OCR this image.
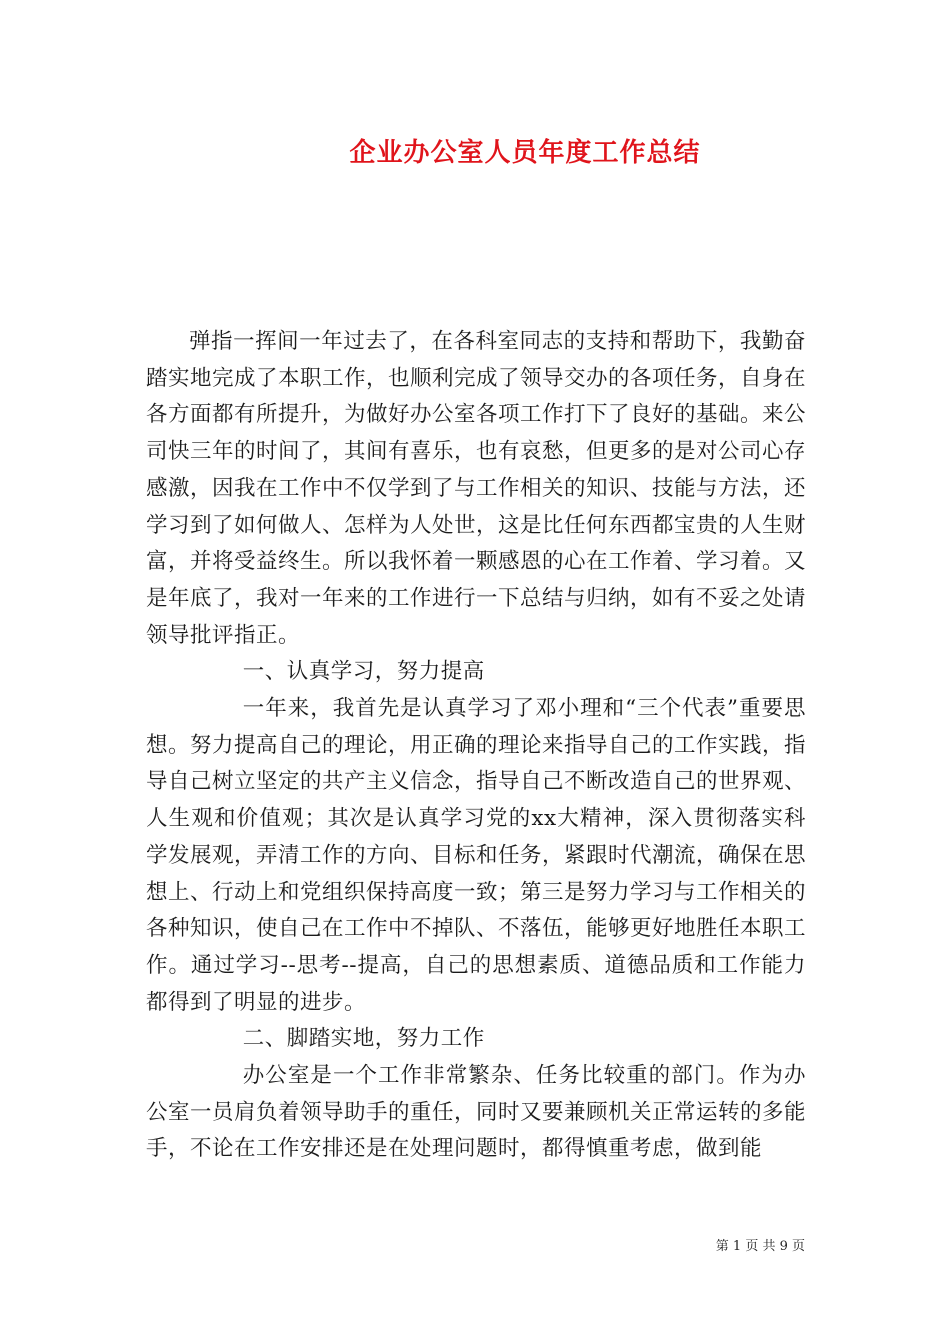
企业办公室人员年度工作总结

弹指一挥间一年过去了，在各科室同志的支持和帮助下，我勤奋踏实地完成了本职工作，也顺利完成了领导交办的各项任务，自身在各方面都有所提升，为做好办公室各项工作打下了良好的基础。来公司快三年的时间了，其间有喜乐，也有哀愁，但更多的是对公司心存感激，因我在工作中不仅学到了与工作相关的知识、技能与方法，还学习到了如何做人、怎样为人处世，这是比任何东西都宝贵的人生财富，并将受益终生。所以我怀着一颗感恩的心在工作着、学习着。又是年底了，我对一年来的工作进行一下总结与归纳，如有不妥之处请领导批评指正。

一、认真学习，努力提高

一年来，我首先是认真学习了邓小理和“三个代表”重要思想。努力提高自己的理论，用正确的理论来指导自己的工作实践，指导自己树立坚定的共产主义信念，指导自己不断改造自己的世界观、人生观和价值观；其次是认真学习党的xx大精神，深入贯彻落实科学发展观，弄清工作的方向、目标和任务，紧跟时代潮流，确保在思想上、行动上和党组织保持高度一致；第三是努力学习与工作相关的各种知识，使自己在工作中不掉队、不落伍，能够更好地胜任本职工作。通过学习--思考--提高，自己的思想素质、道德品质和工作能力都得到了明显的进步。

二、脚踏实地，努力工作

办公室是一个工作非常繁杂、任务比较重的部门。作为办公室一员肩负着领导助手的重任，同时又要兼顾机关正常运转的多能手，不论在工作安排还是在处理问题时，都得慎重考虑，做到能

第 1 页 共 9 页
